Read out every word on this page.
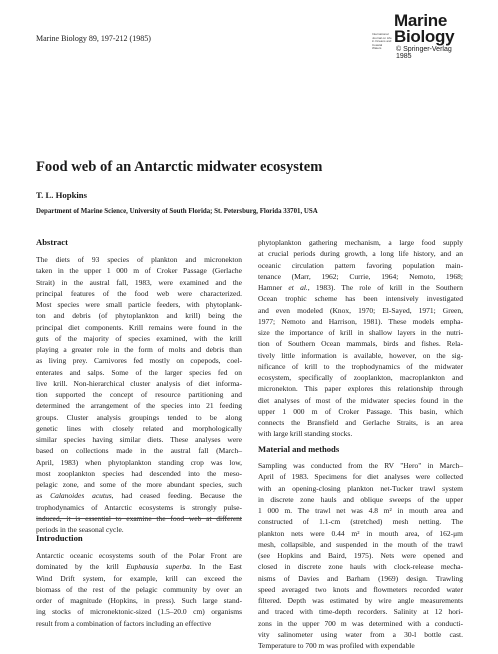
Marine Biology 89, 197-212 (1985)	International Journal on Life in Oceans and Coastal Waters
Marine
Biology
© Springer-Verlag 1985
Food web of an Antarctic midwater ecosystem
T. L. Hopkins
Department of Marine Science, University of South Florida; St. Petersburg, Florida 33701, USA
Abstract
The diets of 93 species of plankton and micronekton
taken in the upper 1 000 m of Croker Passage (Gerlache
Strait) in the austral fall, 1983, were examined and the
principal features of the food web were characterized.
Most species were small particle feeders, with phytoplank-
ton and debris (of phytoplankton and krill) being the
principal diet components. Krill remains were found in the
guts of the majority of species examined, with the krill
playing a greater role in the form of molts and debris than
as living prey. Carnivores fed mostly on copepods, coel-
enterates and salps. Some of the larger species fed on
live krill. Non-hierarchical cluster analysis of diet informa-
tion supported the concept of resource partitioning and
determined the arrangement of the species into 21 feeding
groups. Cluster analysis groupings tended to be along
genetic lines with closely related and morphologically
similar species having similar diets. These analyses were
based on collections made in the austral fall (March–
April, 1983) when phytoplankton standing crop was low,
most zooplankton species had descended into the meso-
pelagic zone, and some of the more abundant species, such
as Calanoides acutus, had ceased feeding. Because the
trophodynamics of Antarctic ecosystems is strongly pulse-
induced, it is essential to examine the food web at different
periods in the seasonal cycle.
Introduction
Antarctic oceanic ecosystems south of the Polar Front are
dominated by the krill Euphausia superba. In the East
Wind Drift system, for example, krill can exceed the
biomass of the rest of the pelagic community by over an
order of magnitude (Hopkins, in press). Such large stand-
ing stocks of micronektonic-sized (1.5–20.0 cm) organisms
result from a combination of factors including an effective
phytoplankton gathering mechanism, a large food supply
at crucial periods during growth, a long life history, and an
oceanic circulation pattern favoring population main-
tenance (Marr, 1962; Currie, 1964; Nemoto, 1968;
Hamner et al., 1983). The role of krill in the Southern
Ocean trophic scheme has been intensively investigated
and even modeled (Knox, 1970; El-Sayed, 1971; Green,
1977; Nemoto and Harrison, 1981). These models empha-
size the importance of krill in shallow layers in the nutri-
tion of Southern Ocean mammals, birds and fishes. Rela-
tively little information is available, however, on the sig-
nificance of krill to the trophodynamics of the midwater
ecosystem, specifically of zooplankton, macroplankton and
micronekton. This paper explores this relationship through
diet analyses of most of the midwater species found in the
upper 1 000 m of Croker Passage. This basin, which
connects the Bransfield and Gerlache Straits, is an area
with large krill standing stocks.
Material and methods
Sampling was conducted from the RV "Hero" in March–
April of 1983. Specimens for diet analyses were collected
with an opening-closing plankton net-Tucker trawl system
in discrete zone hauls and oblique sweeps of the upper
1 000 m. The trawl net was 4.8 m² in mouth area and
constructed of 1.1-cm (stretched) mesh netting. The
plankton nets were 0.44 m² in mouth area, of 162-μm
mesh, collapsible, and suspended in the mouth of the trawl
(see Hopkins and Baird, 1975). Nets were opened and
closed in discrete zone hauls with clock-release mecha-
nisms of Davies and Barham (1969) design. Trawling
speed averaged two knots and flowmeters recorded water
filtered. Depth was estimated by wire angle measurements
and traced with time-depth recorders. Salinity at 12 hori-
zons in the upper 700 m was determined with a conducti-
vity salinometer using water from a 30-l bottle cast.
Temperature to 700 m was profiled with expendable
